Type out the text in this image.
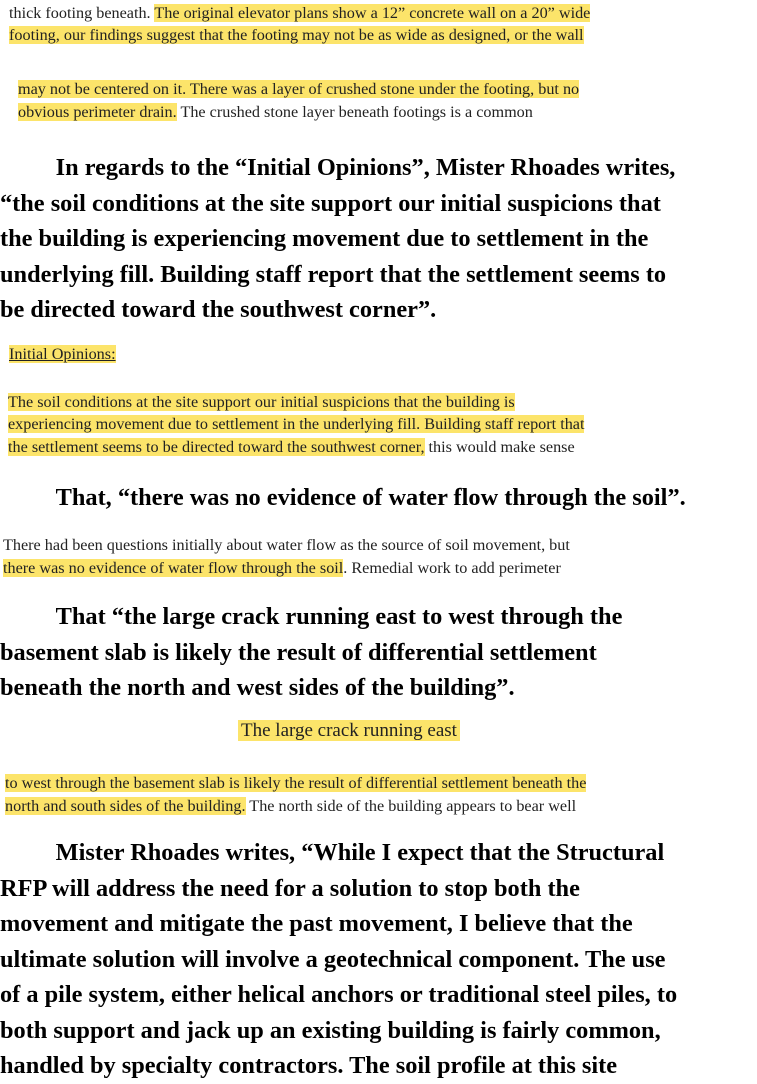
thick footing beneath. The original elevator plans show a 12” concrete wall on a 20” wide
footing, our findings suggest that the footing may not be as wide as designed, or the wall
may not be centered on it. There was a layer of crushed stone under the footing, but no
obvious perimeter drain. The crushed stone layer beneath footings is a common
In regards to the “Initial Opinions”, Mister Rhoades writes,
“the soil conditions at the site support our initial suspicions that
the building is experiencing movement due to settlement in the
underlying fill. Building staff report that the settlement seems to
be directed toward the southwest corner”.
Initial Opinions:
The soil conditions at the site support our initial suspicions that the building is
experiencing movement due to settlement in the underlying fill. Building staff report that
the settlement seems to be directed toward the southwest corner, this would make sense
That, “there was no evidence of water flow through the soil”.
There had been questions initially about water flow as the source of soil movement, but
there was no evidence of water flow through the soil. Remedial work to add perimeter
That “the large crack running east to west through the
basement slab is likely the result of differential settlement
beneath the north and west sides of the building”.
The large crack running east
to west through the basement slab is likely the result of differential settlement beneath the
north and south sides of the building. The north side of the building appears to bear well
Mister Rhoades writes, “While I expect that the Structural
RFP will address the need for a solution to stop both the
movement and mitigate the past movement, I believe that the
ultimate solution will involve a geotechnical component. The use
of a pile system, either helical anchors or traditional steel piles, to
both support and jack up an existing building is fairly common,
handled by specialty contractors. The soil profile at this site
